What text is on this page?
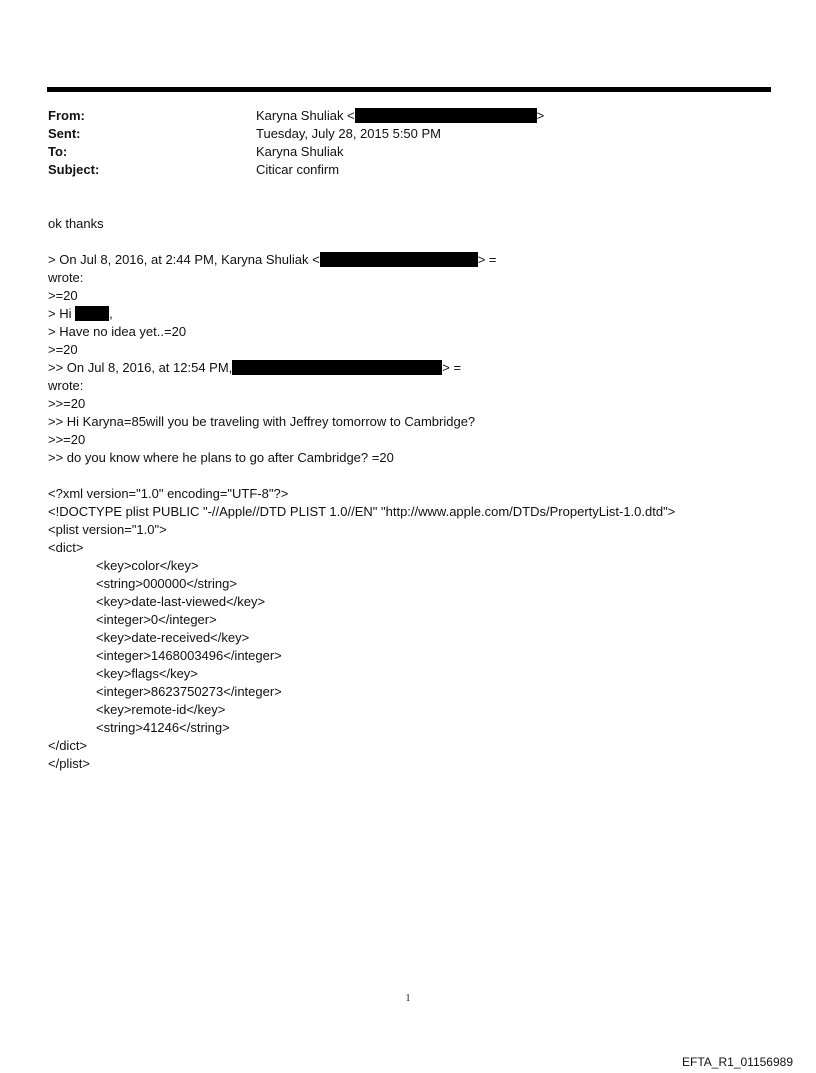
From:	Karyna Shuliak <	>
Sent:	Tuesday, July 28, 2015 5:50 PM
To:	Karyna Shuliak
Subject:	Citicar confirm
ok thanks
> On Jul 8, 2016, at 2:44 PM, Karyna Shuliak <	> =
wrote:
>=20
> Hi	,
> Have no idea yet..=20
>=20
>> On Jul 8, 2016, at 12:54 PM,	> =
wrote:
>>=20
>> Hi Karyna=85will you be traveling with Jeffrey tomorrow to Cambridge?
>>=20
>> do you know where he plans to go after Cambridge? =20
<?xml version="1.0" encoding="UTF-8"?>
<!DOCTYPE plist PUBLIC "-//Apple//DTD PLIST 1.0//EN" "http://www.apple.com/DTDs/PropertyList-1.0.dtd">
<plist version="1.0">
<dict>
<key>color</key>
<string>000000</string>
<key>date-last-viewed</key>
<integer>0</integer>
<key>date-received</key>
<integer>1468003496</integer>
<key>flags</key>
<integer>8623750273</integer>
<key>remote-id</key>
<string>41246</string>
</dict>
</plist>
1
EFTA_R1_01156989
